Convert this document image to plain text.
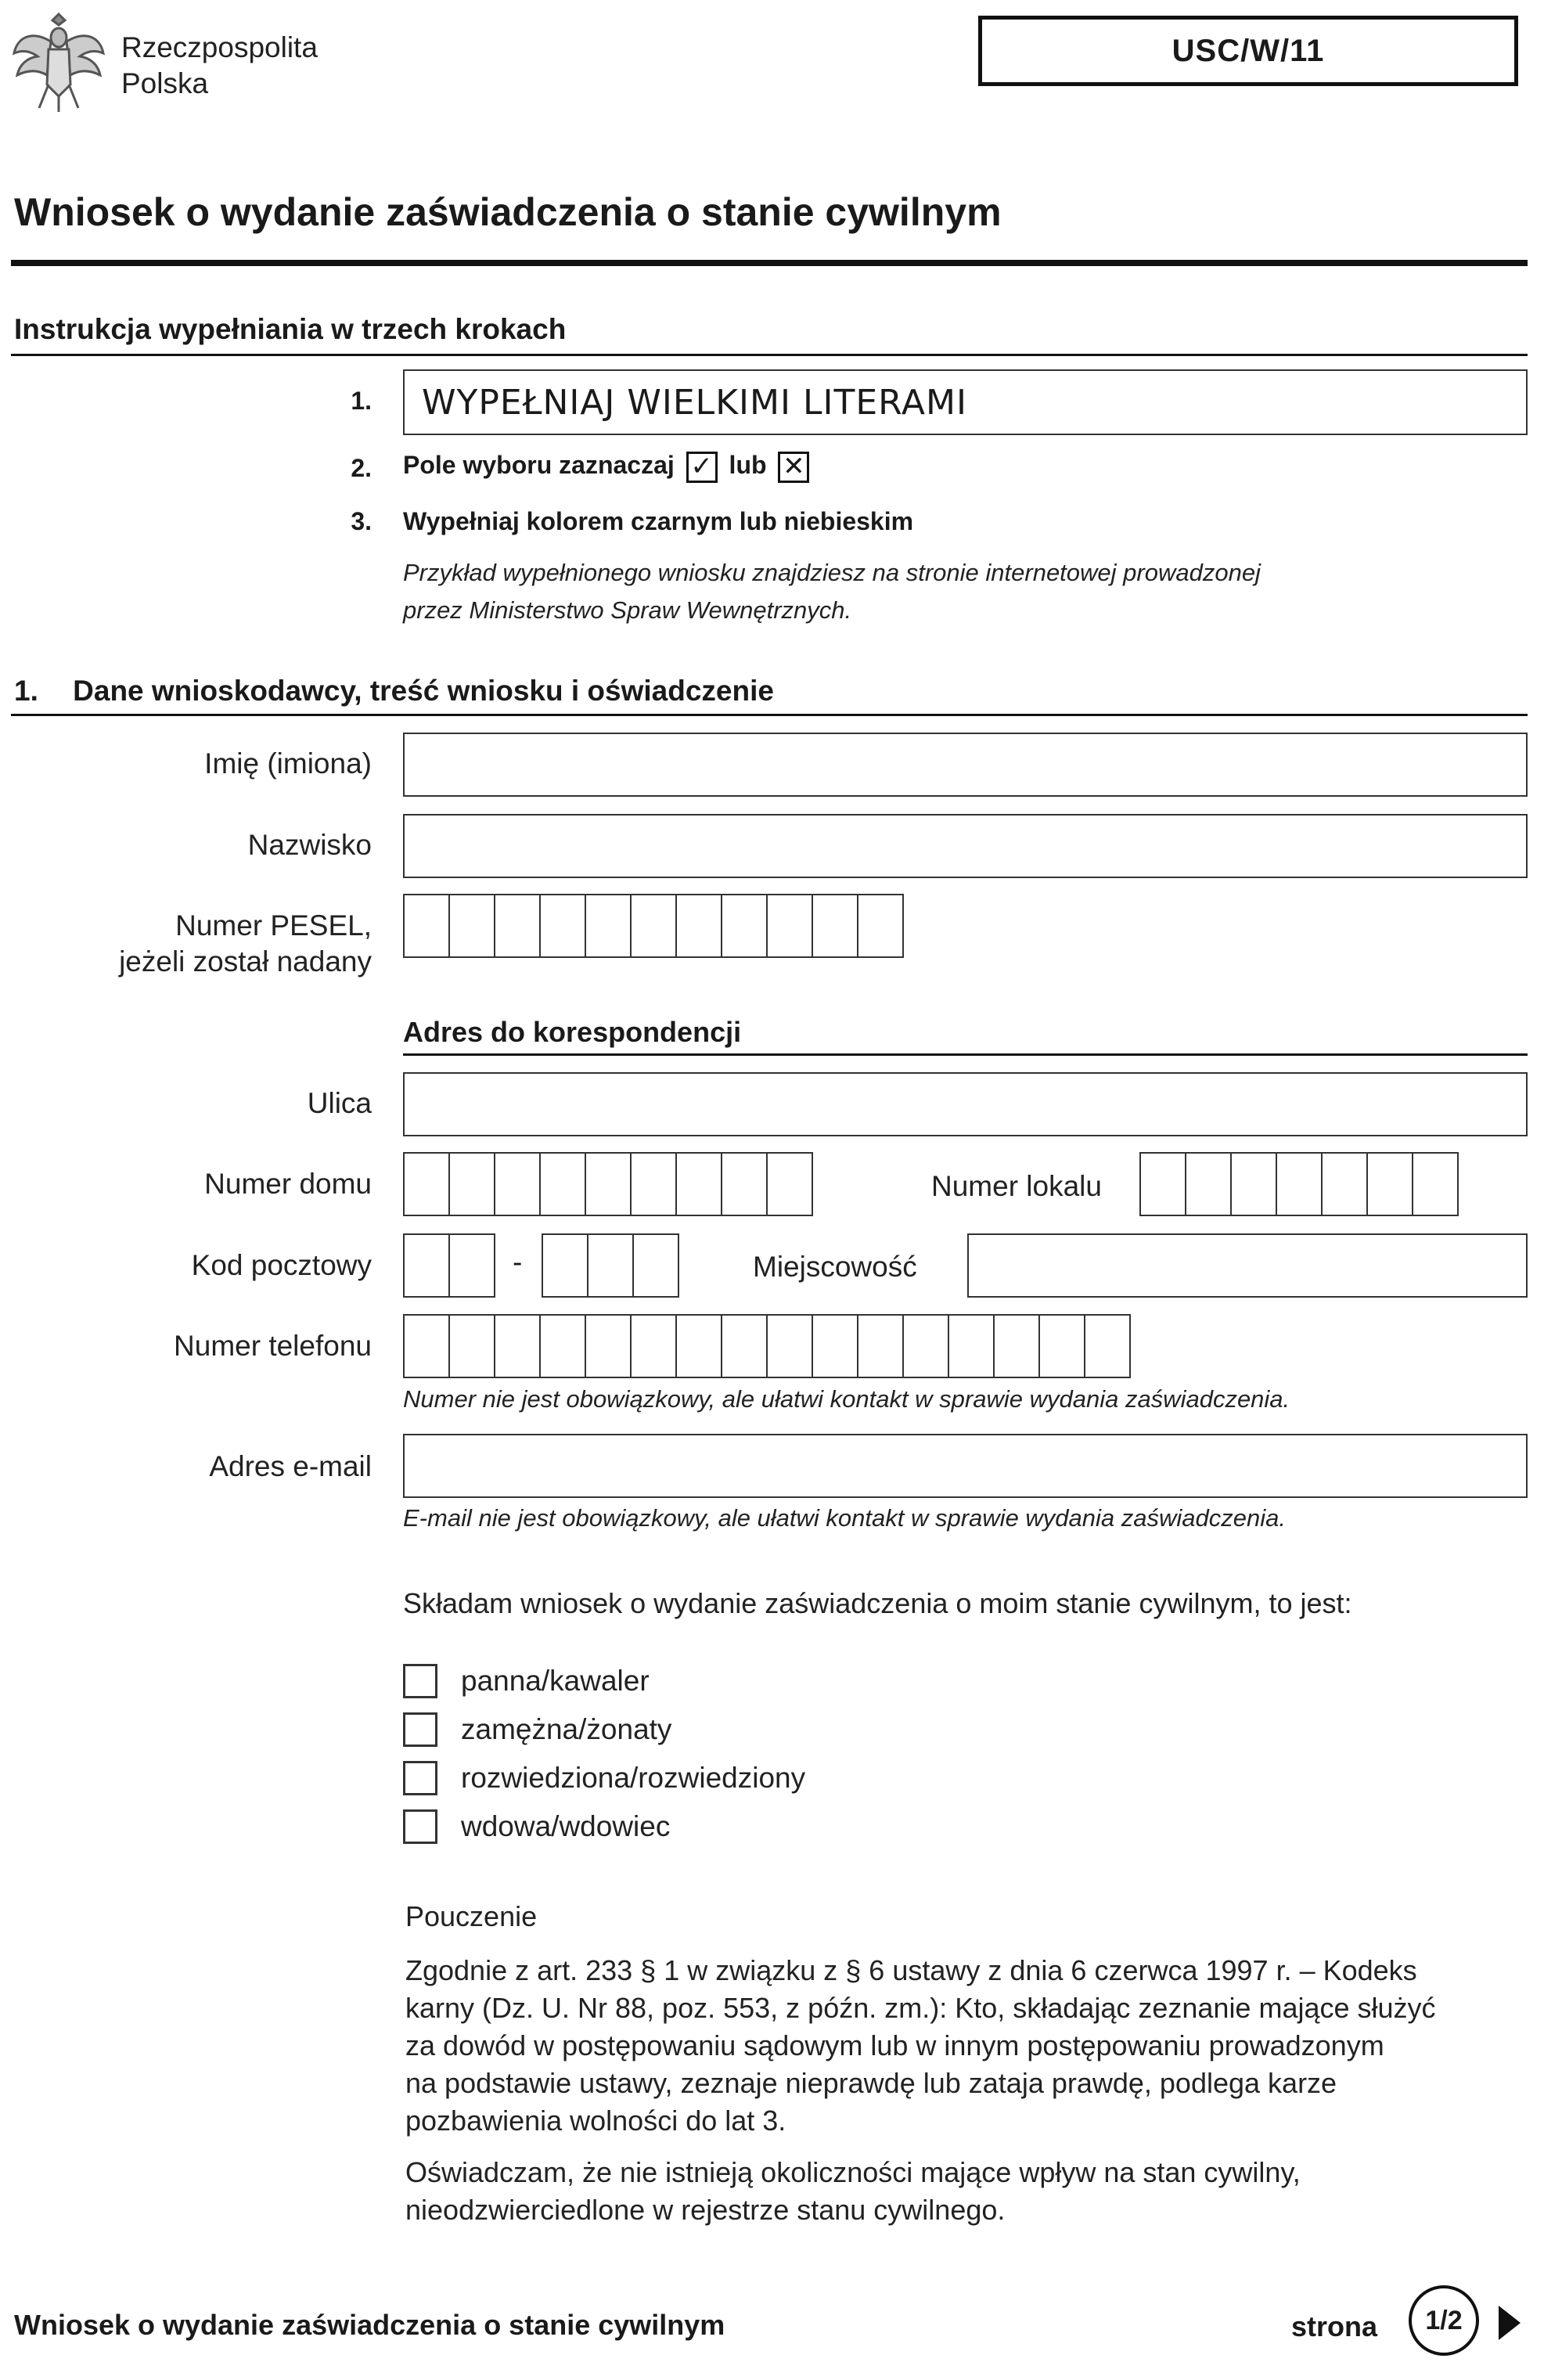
Rzeczpospolita
Polska
USC/W/11
Wniosek o wydanie zaświadczenia o stanie cywilnym
Instrukcja wypełniania w trzech krokach
1. WYPEŁNIAJ WIELKIMI LITERAMI
2. Pole wyboru zaznaczaj ✓ lub ✕
3. Wypełniaj kolorem czarnym lub niebieskim
Przykład wypełnionego wniosku znajdziesz na stronie internetowej prowadzonej
przez Ministerstwo Spraw Wewnętrznych.
1. Dane wnioskodawcy, treść wniosku i oświadczenie
Imię (imiona)
Nazwisko
Numer PESEL,
jeżeli został nadany
Adres do korespondencji
Ulica
Numer domu	Numer lokalu
Kod pocztowy	-	Miejscowość
Numer telefonu
Numer nie jest obowiązkowy, ale ułatwi kontakt w sprawie wydania zaświadczenia.
Adres e-mail
E-mail nie jest obowiązkowy, ale ułatwi kontakt w sprawie wydania zaświadczenia.
Składam wniosek o wydanie zaświadczenia o moim stanie cywilnym, to jest:
panna/kawaler
zamężna/żonaty
rozwiedziona/rozwiedziony
wdowa/wdowiec
Pouczenie
Zgodnie z art. 233 § 1 w związku z § 6 ustawy z dnia 6 czerwca 1997 r. – Kodeks
karny (Dz. U. Nr 88, poz. 553, z późn. zm.): Kto, składając zeznanie mające służyć
za dowód w postępowaniu sądowym lub w innym postępowaniu prowadzonym
na podstawie ustawy, zeznaje nieprawdę lub zataja prawdę, podlega karze
pozbawienia wolności do lat 3.
Oświadczam, że nie istnieją okoliczności mające wpływ na stan cywilny,
nieodzwierciedlone w rejestrze stanu cywilnego.
Wniosek o wydanie zaświadczenia o stanie cywilnym	strona 1/2
